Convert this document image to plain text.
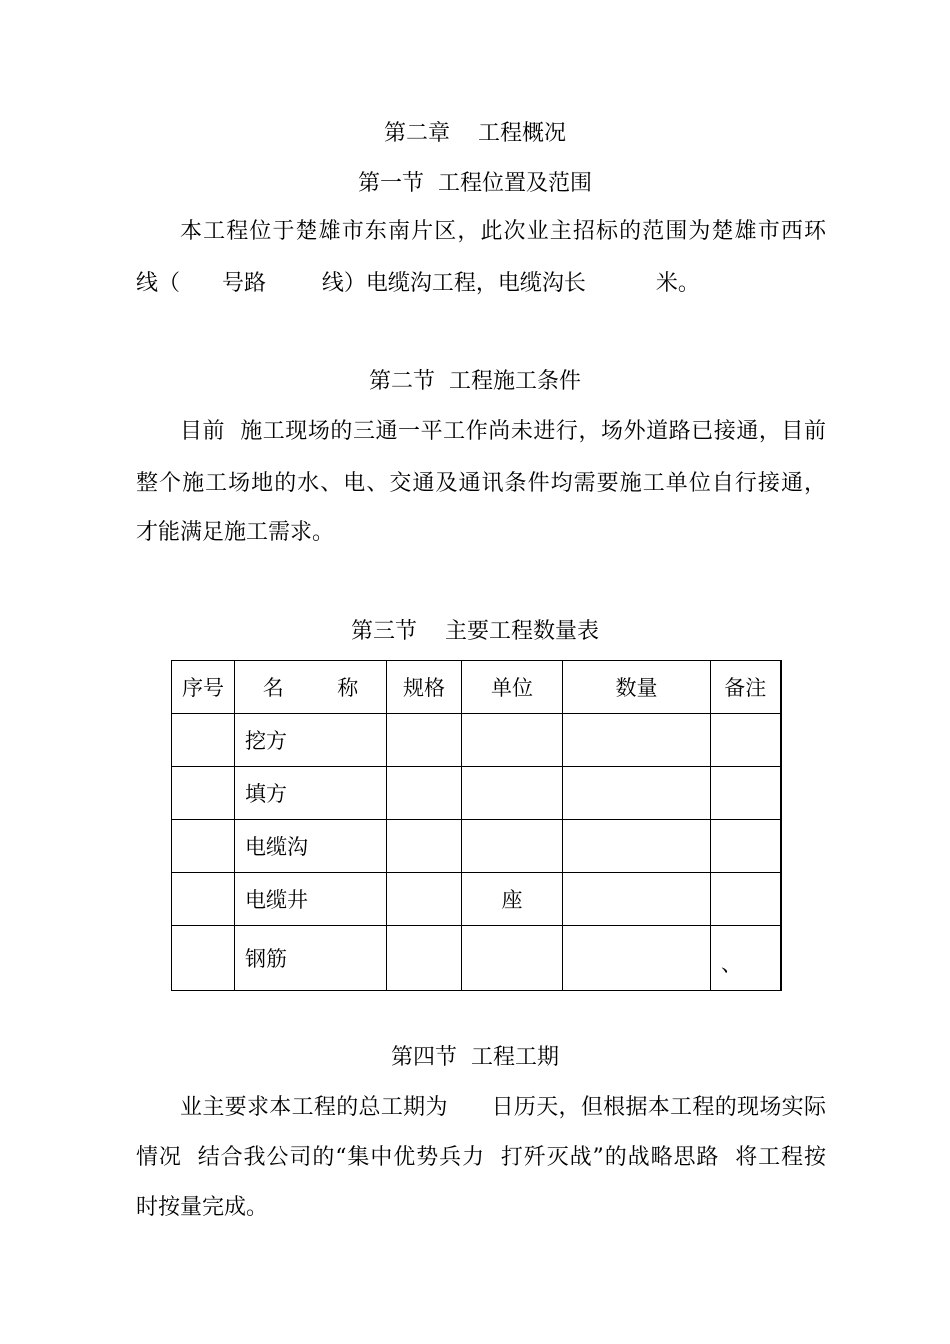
第二章    工程概况
第一节  工程位置及范围
本工程位于楚雄市东南片区，此次业主招标的范围为楚雄市西环
线（      号路        线）电缆沟工程，电缆沟长          米。
第二节  工程施工条件
目前  施工现场的三通一平工作尚未进行，场外道路已接通，目前
整个施工场地的水、电、交通及通讯条件均需要施工单位自行接通，
才能满足施工需求。
第三节    主要工程数量表
序号	名        称	规格	单位	数量	备注
	挖方				
	填方				
	电缆沟				
	电缆井		座		
	钢筋				、
第四节  工程工期
业主要求本工程的总工期为      日历天，但根据本工程的现场实际
情况  结合我公司的“集中优势兵力  打歼灭战”的战略思路  将工程按
时按量完成。
